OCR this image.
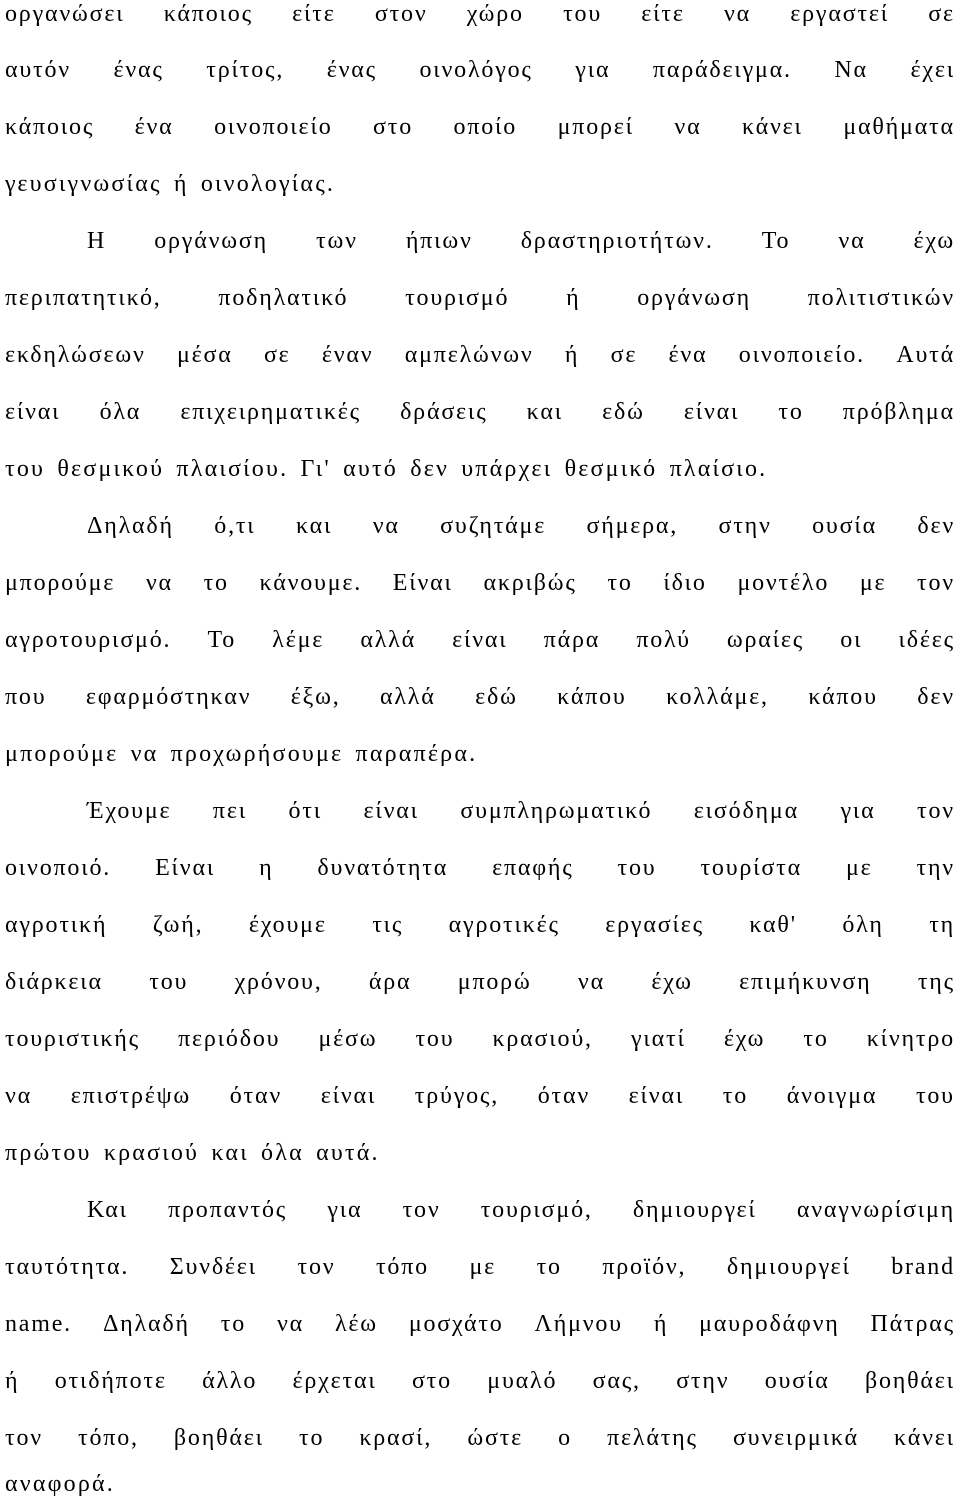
οργανώσει κάποιος είτε στον χώρο του είτε να εργαστεί σε
αυτόν ένας τρίτος, ένας οινολόγος για παράδειγμα. Να έχει
κάποιος ένα οινοποιείο στο οποίο μπορεί να κάνει μαθήματα
γευσιγνωσίας ή οινολογίας.
Η οργάνωση των ήπιων δραστηριοτήτων. Το να έχω
περιπατητικό, ποδηλατικό τουρισμό ή οργάνωση πολιτιστικών
εκδηλώσεων μέσα σε έναν αμπελώνων ή σε ένα οινοποιείο. Αυτά
είναι όλα επιχειρηματικές δράσεις και εδώ είναι το πρόβλημα
του θεσμικού πλαισίου. Γι' αυτό δεν υπάρχει θεσμικό πλαίσιο.
Δηλαδή ό,τι και να συζητάμε σήμερα, στην ουσία δεν
μπορούμε να το κάνουμε. Είναι ακριβώς το ίδιο μοντέλο με τον
αγροτουρισμό. Το λέμε αλλά είναι πάρα πολύ ωραίες οι ιδέες
που εφαρμόστηκαν έξω, αλλά εδώ κάπου κολλάμε, κάπου δεν
μπορούμε να προχωρήσουμε παραπέρα.
Έχουμε πει ότι είναι συμπληρωματικό εισόδημα για τον
οινοποιό. Είναι η δυνατότητα επαφής του τουρίστα με την
αγροτική ζωή, έχουμε τις αγροτικές εργασίες καθ' όλη τη
διάρκεια του χρόνου, άρα μπορώ να έχω επιμήκυνση της
τουριστικής περιόδου μέσω του κρασιού, γιατί έχω το κίνητρο
να επιστρέψω όταν είναι τρύγος, όταν είναι το άνοιγμα του
πρώτου κρασιού και όλα αυτά.
Και προπαντός για τον τουρισμό, δημιουργεί αναγνωρίσιμη
ταυτότητα. Συνδέει τον τόπο με το προϊόν, δημιουργεί brand
name. Δηλαδή το να λέω μοσχάτο Λήμνου ή μαυροδάφνη Πάτρας
ή οτιδήποτε άλλο έρχεται στο μυαλό σας, στην ουσία βοηθάει
τον τόπο, βοηθάει το κρασί, ώστε ο πελάτης συνειρμικά κάνει
αναφορά.
